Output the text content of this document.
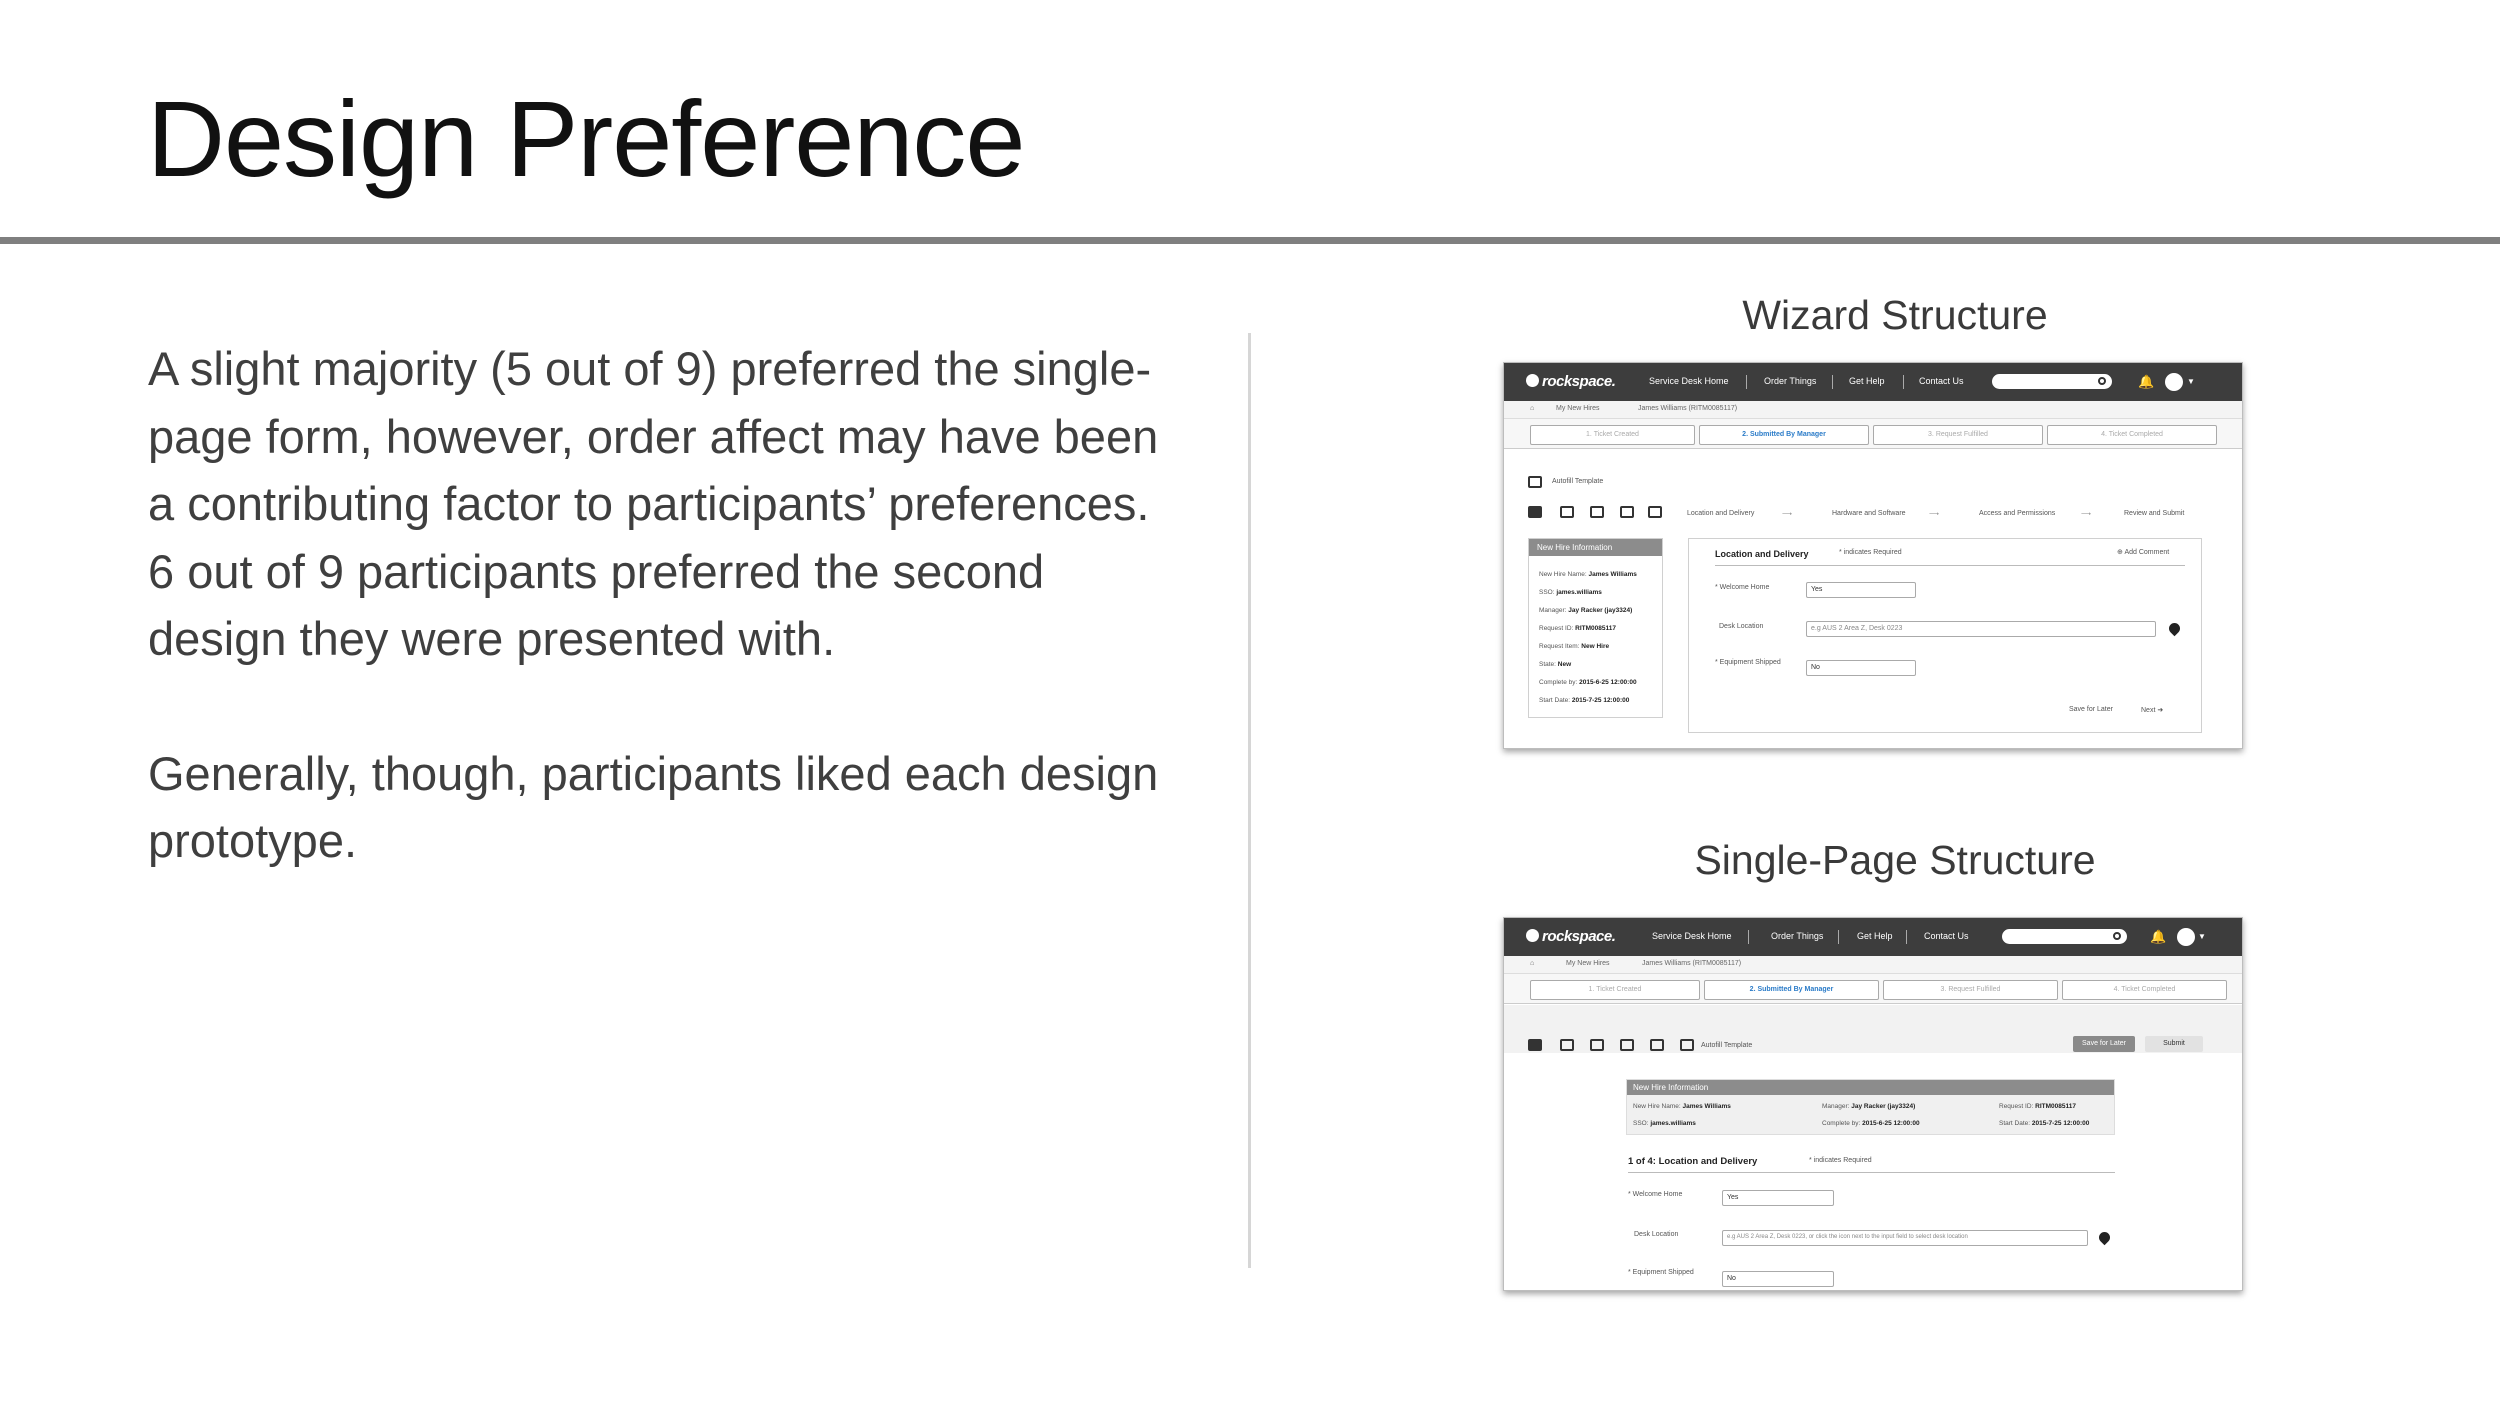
Design Preference

A slight majority (5 out of 9) preferred the single-page form, however, order affect may have been a contributing factor to participants’ preferences. 6 out of 9 participants preferred the second design they were presented with.

Generally, though, participants liked each design prototype.

Wizard Structure
rockspace.	Service Desk Home	Order Things	Get Help	Contact Us	🔔	▼
⌂	My New Hires	James Williams (RITM0085117)
1. Ticket Created	2. Submitted By Manager	3. Request Fulfilled	4. Ticket Completed
Autofill Template
Location and Delivery	⟶	Hardware and Software	⟶	Access and Permissions	⟶	Review and Submit
New Hire Information
New Hire Name: James Williams
SSO: james.williams
Manager: Jay Racker (jay3324)
Request ID: RITM0085117
Request Item: New Hire
State: New
Complete by: 2015-6-25 12:00:00
Start Date: 2015-7-25 12:00:00
Location and Delivery	* indicates Required	⊕ Add Comment
* Welcome Home	Yes
Desk Location	e.g AUS 2 Area Z, Desk 0223
* Equipment Shipped
No
Save for Later	Next ➜
Single-Page Structure
rockspace.	Service Desk Home	Order Things	Get Help	Contact Us	🔔	▼
⌂	My New Hires	James Williams (RITM0085117)
1. Ticket Created	2. Submitted By Manager	3. Request Fulfilled	4. Ticket Completed
Autofill Template	Save for Later	Submit
New Hire Information
New Hire Name: James Williams	Manager: Jay Racker (jay3324)	Request ID: RITM0085117
SSO: james.williams	Complete by: 2015-6-25 12:00:00	Start Date: 2015-7-25 12:00:00
1 of 4: Location and Delivery	* indicates Required
* Welcome Home	Yes
Desk Location	e.g AUS 2 Area Z, Desk 0223, or click the icon next to the input field to select desk location
* Equipment Shipped
No
